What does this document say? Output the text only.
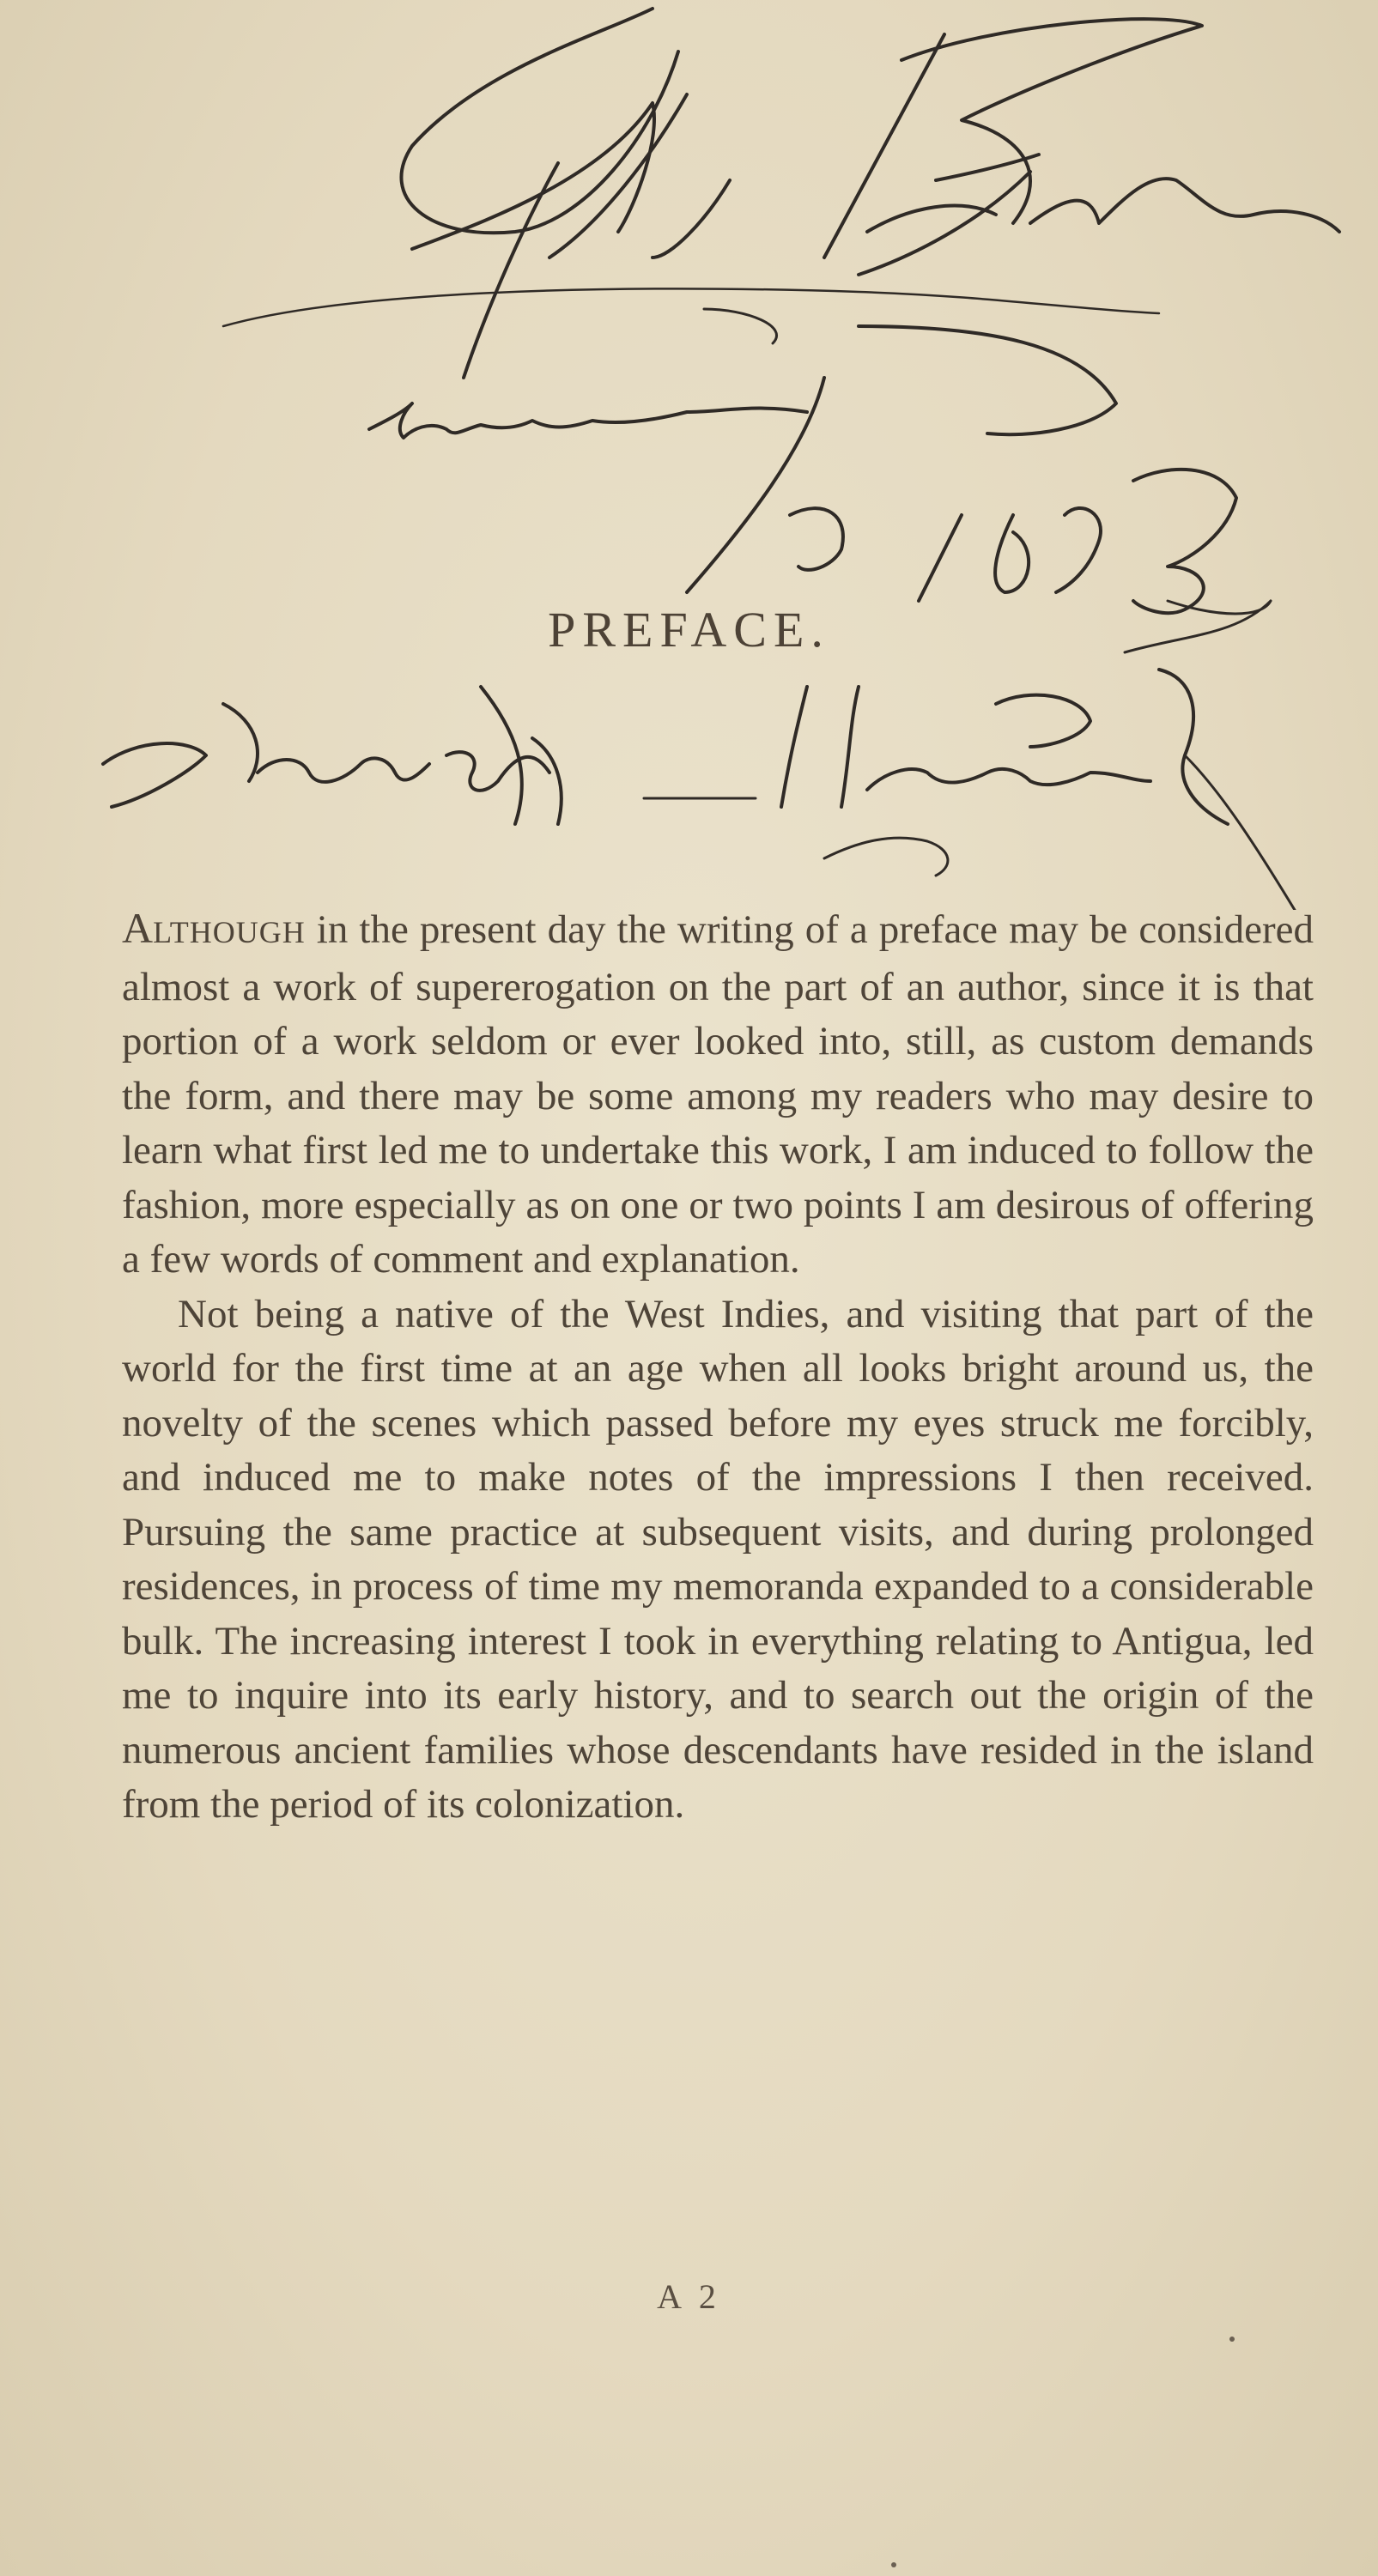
PREFACE.

ALTHOUGH in the present day the writing of a preface may be considered almost a work of supererogation on the part of an author, since it is that portion of a work seldom or ever looked into, still, as custom demands the form, and there may be some among my readers who may desire to learn what first led me to undertake this work, I am induced to follow the fashion, more especially as on one or two points I am desirous of offering a few words of comment and explanation.

Not being a native of the West Indies, and visiting that part of the world for the first time at an age when all looks bright around us, the novelty of the scenes which passed before my eyes struck me forcibly, and induced me to make notes of the impressions I then received. Pursuing the same practice at subsequent visits, and during prolonged residences, in process of time my memoranda expanded to a considerable bulk. The increasing interest I took in everything relating to Antigua, led me to inquire into its early history, and to search out the origin of the numerous ancient families whose descendants have resided in the island from the period of its colonization.

A 2
